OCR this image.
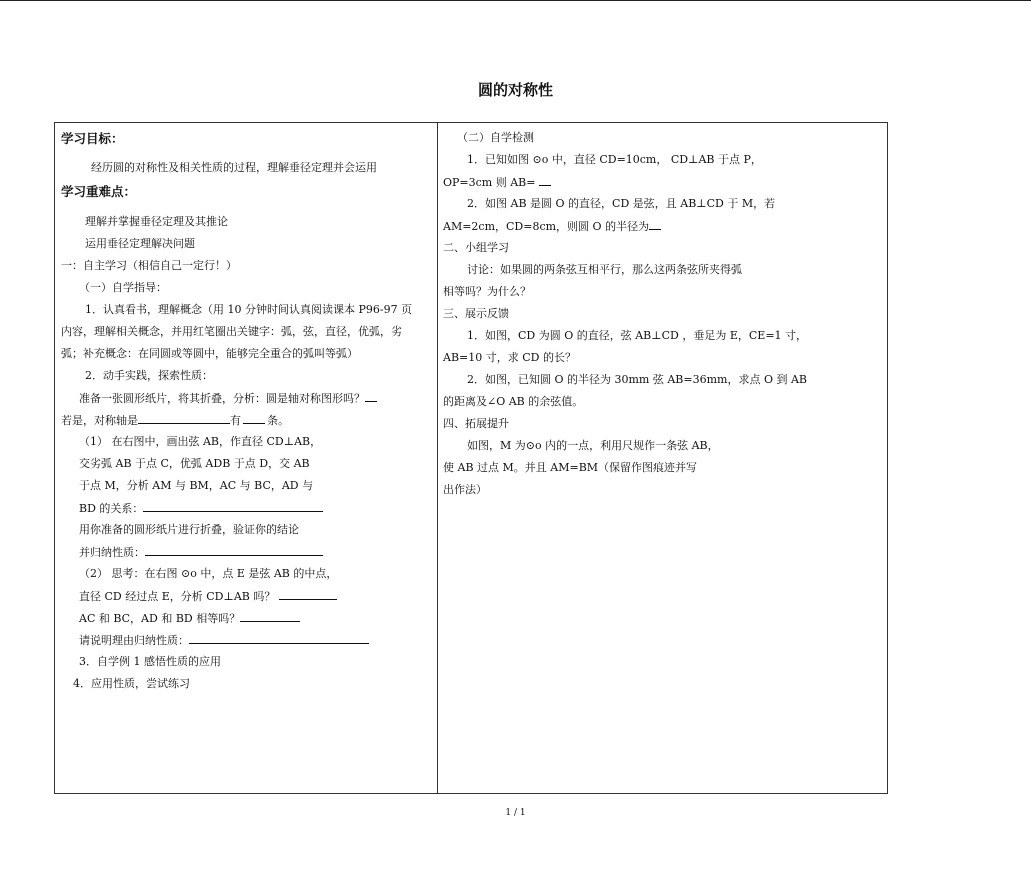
圆的对称性
学习目标：
经历圆的对称性及相关性质的过程，理解垂径定理并会运用
学习重难点：
理解并掌握垂径定理及其推论
运用垂径定理解决问题
一：自主学习（相信自己一定行！）
（一）自学指导：
1．认真看书，理解概念（用 10 分钟时间认真阅读课本 P96-97 页
内容，理解相关概念，并用红笔圈出关键字：弧，弦，直径，优弧，劣
弧；补充概念：在同圆或等圆中，能够完全重合的弧叫等弧）
2．动手实践，探索性质：
准备一张圆形纸片，将其折叠，分析：圆是轴对称图形吗？
若是，对称轴是	有 条。
（1） 在右图中，画出弦 AB，作直径 CD⊥AB，
交劣弧 AB 于点 C，优弧 ADB 于点 D，交 AB
于点 M，分析 AM 与 BM，AC 与 BC，AD 与
BD 的关系：
用你准备的圆形纸片进行折叠，验证你的结论
并归纳性质：
（2） 思考：在右图 ⊙o 中，点 E 是弦 AB 的中点，
直径 CD 经过点 E，分析 CD⊥AB 吗？
AC 和 BC，AD 和 BD 相等吗？
请说明理由归纳性质：
3．自学例 1 感悟性质的应用
4．应用性质，尝试练习
（二）自学检测
1．已知如图 ⊙o 中，直径 CD=10cm， CD⊥AB 于点 P，
OP=3cm 则 AB=
2．如图 AB 是圆 O 的直径，CD 是弦，且 AB⊥CD 于 M，若
AM=2cm，CD=8cm，则圆 O 的半径为
二、小组学习
讨论：如果圆的两条弦互相平行，那么这两条弦所夹得弧
相等吗？为什么？
三、展示反馈
1．如图，CD 为圆 O 的直径，弦 AB⊥CD ，垂足为 E，CE=1 寸，
AB=10 寸，求 CD 的长？
2．如图，已知圆 O 的半径为 30mm 弦 AB=36mm，求点 O 到 AB
的距离及∠O AB 的余弦值。
四、拓展提升
如图，M 为⊙o 内的一点，利用尺规作一条弦 AB，
使 AB 过点 M。并且 AM=BM（保留作图痕迹并写
出作法）
1 / 1
